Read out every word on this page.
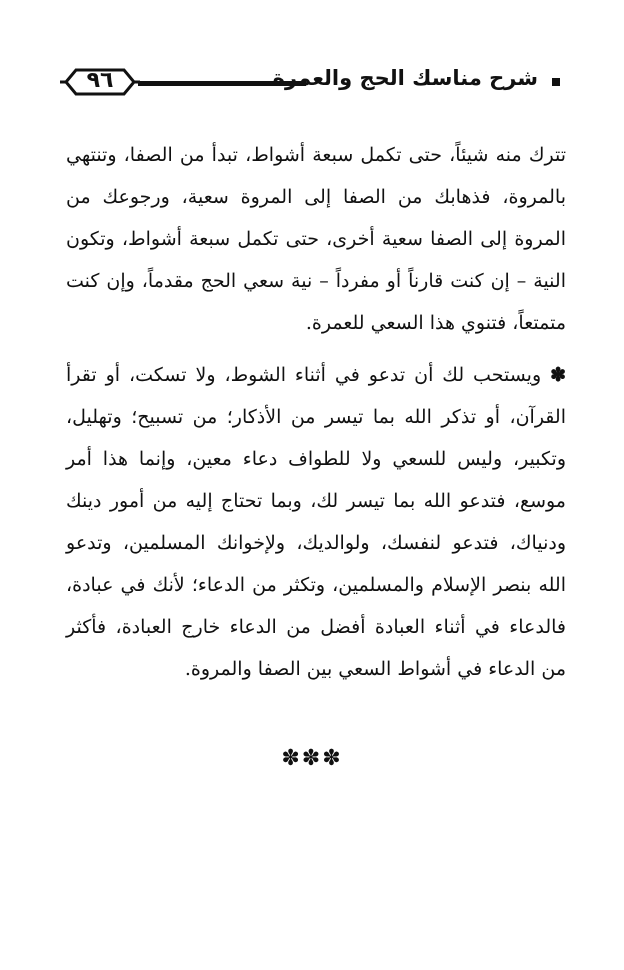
٩٦	شرح مناسك الحج والعمرة

تترك منه شيئاً، حتى تكمل سبعة أشواط، تبدأ من الصفا، وتنتهي بالمروة، فذهابك من الصفا إلى المروة سعية، ورجوعك من المروة إلى الصفا سعية أخرى، حتى تكمل سبعة أشواط، وتكون النية – إن كنت قارناً أو مفرداً – نية سعي الحج مقدماً، وإن كنت متمتعاً، فتنوي هذا السعي للعمرة.

✽ ويستحب لك أن تدعو في أثناء الشوط، ولا تسكت، أو تقرأ القرآن، أو تذكر الله بما تيسر من الأذكار؛ من تسبيح؛ وتهليل، وتكبير، وليس للسعي ولا للطواف دعاء معين، وإنما هذا أمر موسع، فتدعو الله بما تيسر لك، وبما تحتاج إليه من أمور دينك ودنياك، فتدعو لنفسك، ولوالديك، ولإخوانك المسلمين، وتدعو الله بنصر الإسلام والمسلمين، وتكثر من الدعاء؛ لأنك في عبادة، فالدعاء في أثناء العبادة أفضل من الدعاء خارج العبادة، فأكثر من الدعاء في أشواط السعي بين الصفا والمروة.

✽✽✽
